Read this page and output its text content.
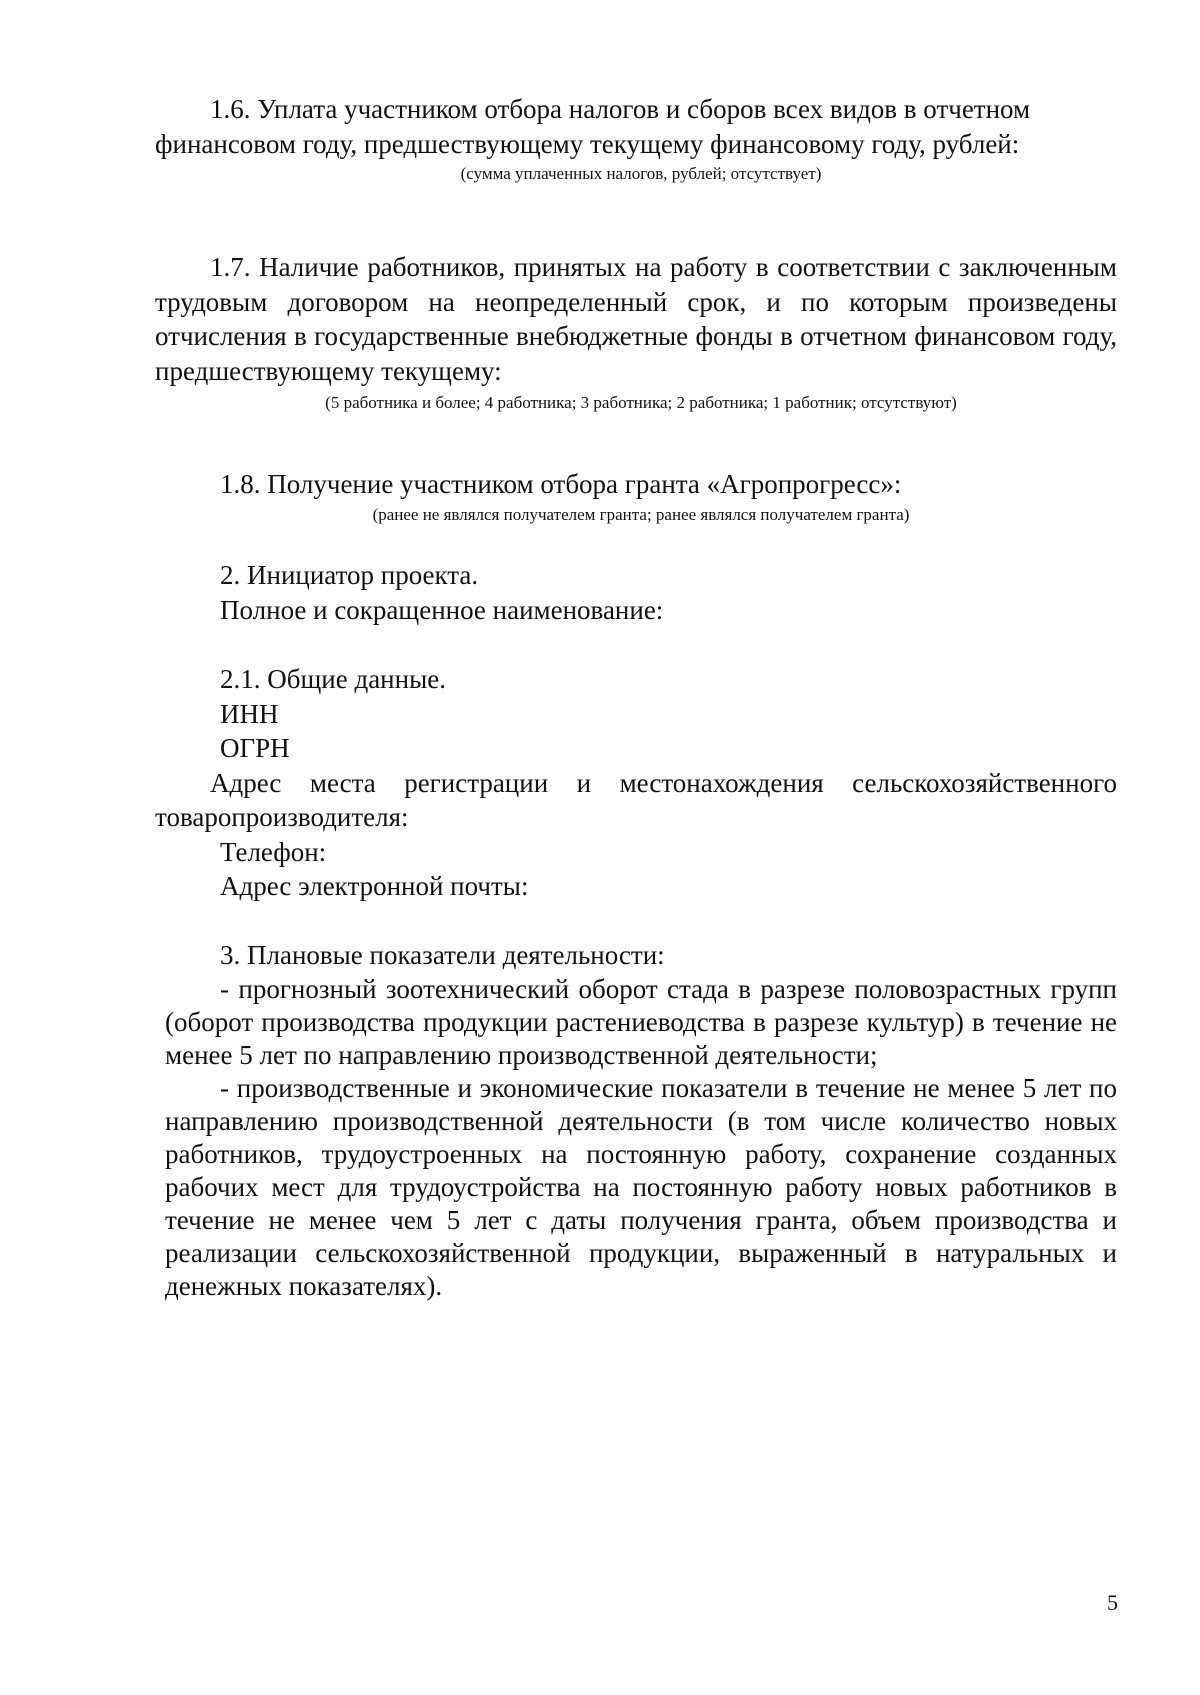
1.6. Уплата участником отбора налогов и сборов всех видов в отчетном финансовом году, предшествующему текущему финансовому году, рублей:

(сумма уплаченных налогов, рублей; отсутствует)

1.7. Наличие работников, принятых на работу в соответствии с заключенным трудовым договором на неопределенный срок, и по которым произведены отчисления в государственные внебюджетные фонды в отчетном финансовом году, предшествующему текущему:

(5 работника и более; 4 работника; 3 работника; 2 работника; 1 работник; отсутствуют)

1.8. Получение участником отбора гранта «Агропрогресс»:

(ранее не являлся получателем гранта; ранее являлся получателем гранта)

2. Инициатор проекта.

Полное и сокращенное наименование:

2.1. Общие данные.

ИНН

ОГРН

Адрес места регистрации и местонахождения сельскохозяйственного товаропроизводителя:

Телефон:

Адрес электронной почты:

3. Плановые показатели деятельности:

- прогнозный зоотехнический оборот стада в разрезе половозрастных групп (оборот производства продукции растениеводства в разрезе культур) в течение не менее 5 лет по направлению производственной деятельности;

- производственные и экономические показатели в течение не менее 5 лет по направлению производственной деятельности (в том числе количество новых работников, трудоустроенных на постоянную работу, сохранение созданных рабочих мест для трудоустройства на постоянную работу новых работников в течение не менее чем 5 лет с даты получения гранта, объем производства и реализации сельскохозяйственной продукции, выраженный в натуральных и денежных показателях).

5
